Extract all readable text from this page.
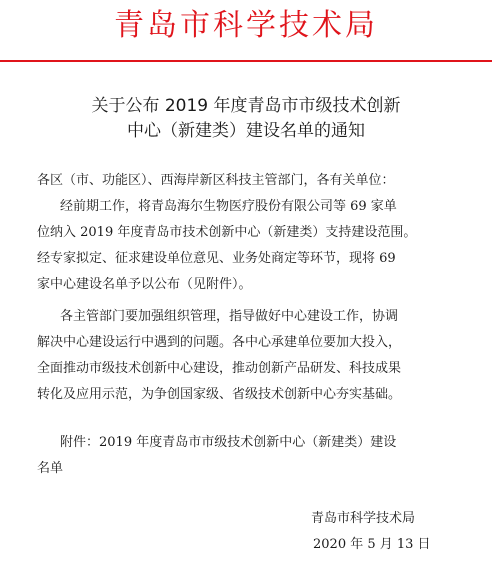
青岛市科学技术局
关于公布 2019 年度青岛市市级技术创新
中心（新建类）建设名单的通知
各区（市、功能区）、西海岸新区科技主管部门，各有关单位：
经前期工作，将青岛海尔生物医疗股份有限公司等 69 家单
位纳入 2019 年度青岛市技术创新中心（新建类）支持建设范围。
经专家拟定、征求建设单位意见、业务处商定等环节，现将 69
家中心建设名单予以公布（见附件）。
各主管部门要加强组织管理，指导做好中心建设工作，协调
解决中心建设运行中遇到的问题。各中心承建单位要加大投入，
全面推动市级技术创新中心建设，推动创新产品研发、科技成果
转化及应用示范，为争创国家级、省级技术创新中心夯实基础。
附件：2019 年度青岛市市级技术创新中心（新建类）建设
名单
青岛市科学技术局
2020 年 5 月 13 日
